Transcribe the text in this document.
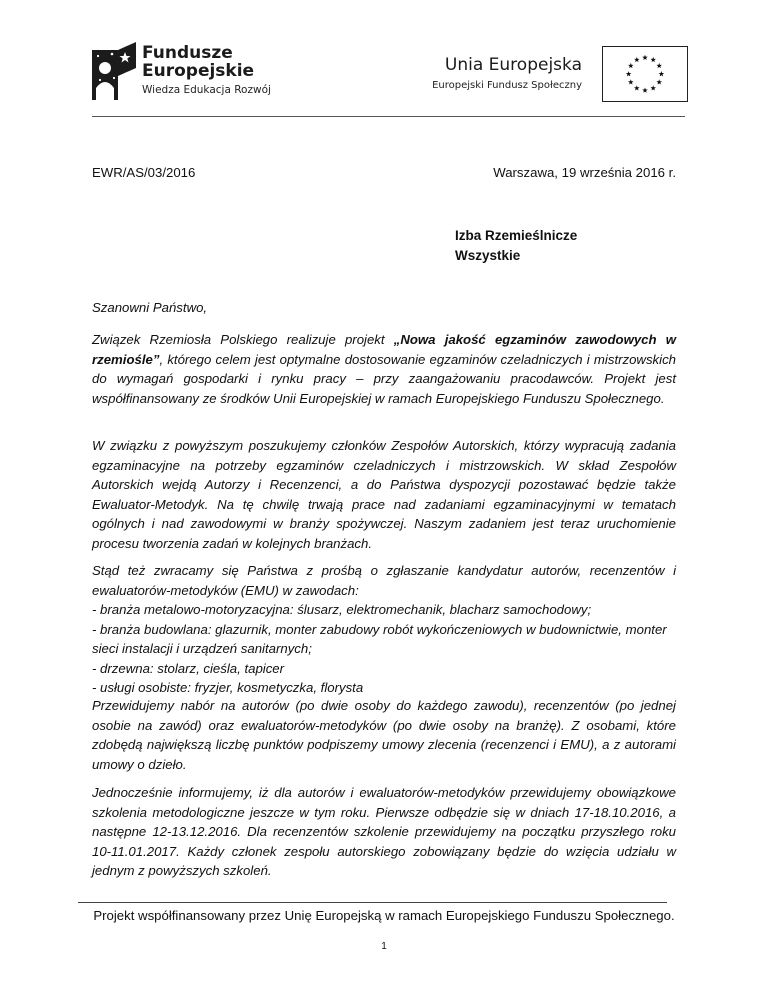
Fundusze
Europejskie
Wiedza Edukacja Rozwój
Unia Europejska
Europejski Fundusz Społeczny
EWR/AS/03/2016	Warszawa, 19 września 2016 r.
Izba Rzemieślnicze
Wszystkie
Szanowni Państwo,
Związek Rzemiosła Polskiego realizuje projekt „Nowa jakość egzaminów zawodowych w rzemiośle”, którego celem jest optymalne dostosowanie egzaminów czeladniczych i mistrzowskich do wymagań gospodarki i rynku pracy – przy zaangażowaniu pracodawców. Projekt jest współfinansowany ze środków Unii Europejskiej w ramach Europejskiego Funduszu Społecznego.
W związku z powyższym poszukujemy członków Zespołów Autorskich, którzy wypracują zadania egzaminacyjne na potrzeby egzaminów czeladniczych i mistrzowskich. W skład Zespołów Autorskich wejdą Autorzy i Recenzenci, a do Państwa dyspozycji pozostawać będzie także Ewaluator-Metodyk. Na tę chwilę trwają prace nad zadaniami egzaminacyjnymi w tematach ogólnych i nad zawodowymi w branży spożywczej. Naszym zadaniem jest teraz uruchomienie procesu tworzenia zadań w kolejnych branżach.
Stąd też zwracamy się Państwa z prośbą o zgłaszanie kandydatur autorów, recenzentów i ewaluatorów-metodyków (EMU) w zawodach:
- branża metalowo-motoryzacyjna: ślusarz, elektromechanik, blacharz samochodowy;
- branża budowlana: glazurnik, monter zabudowy robót wykończeniowych w budownictwie, monter sieci instalacji i urządzeń sanitarnych;
- drzewna: stolarz, cieśla, tapicer
- usługi osobiste: fryzjer, kosmetyczka, florysta
Przewidujemy nabór na autorów (po dwie osoby do każdego zawodu), recenzentów (po jednej osobie na zawód) oraz ewaluatorów-metodyków (po dwie osoby na branżę). Z osobami, które zdobędą największą liczbę punktów podpiszemy umowy zlecenia (recenzenci i EMU), a z autorami umowy o dzieło.
Jednocześnie informujemy, iż dla autorów i ewaluatorów-metodyków przewidujemy obowiązkowe szkolenia metodologiczne jeszcze w tym roku. Pierwsze odbędzie się w dniach 17-18.10.2016, a następne 12-13.12.2016. Dla recenzentów szkolenie przewidujemy na początku przyszłego roku 10-11.01.2017. Każdy członek zespołu autorskiego zobowiązany będzie do wzięcia udziału w jednym z powyższych szkoleń.
Projekt współfinansowany przez Unię Europejską w ramach Europejskiego Funduszu Społecznego.
1
